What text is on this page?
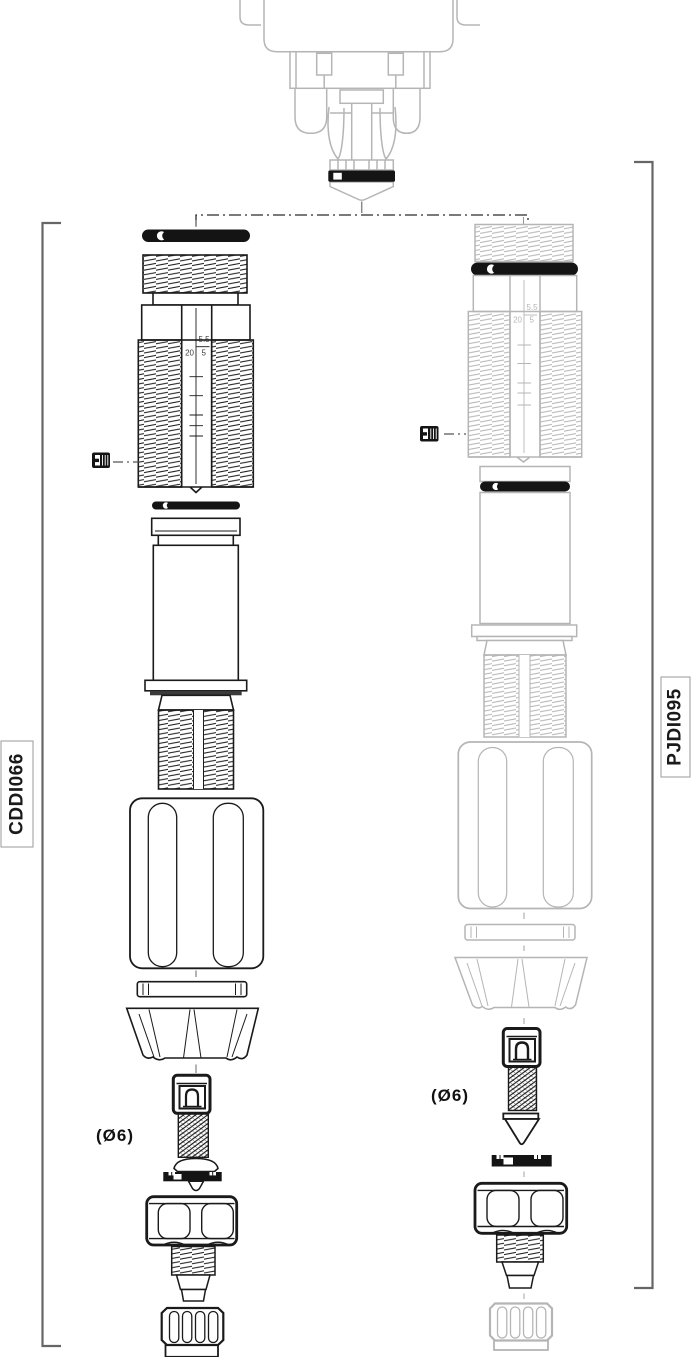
CDDI066
PJDI095
5.5
20 5
(Ø6)
5.5
20 5
(Ø6)
